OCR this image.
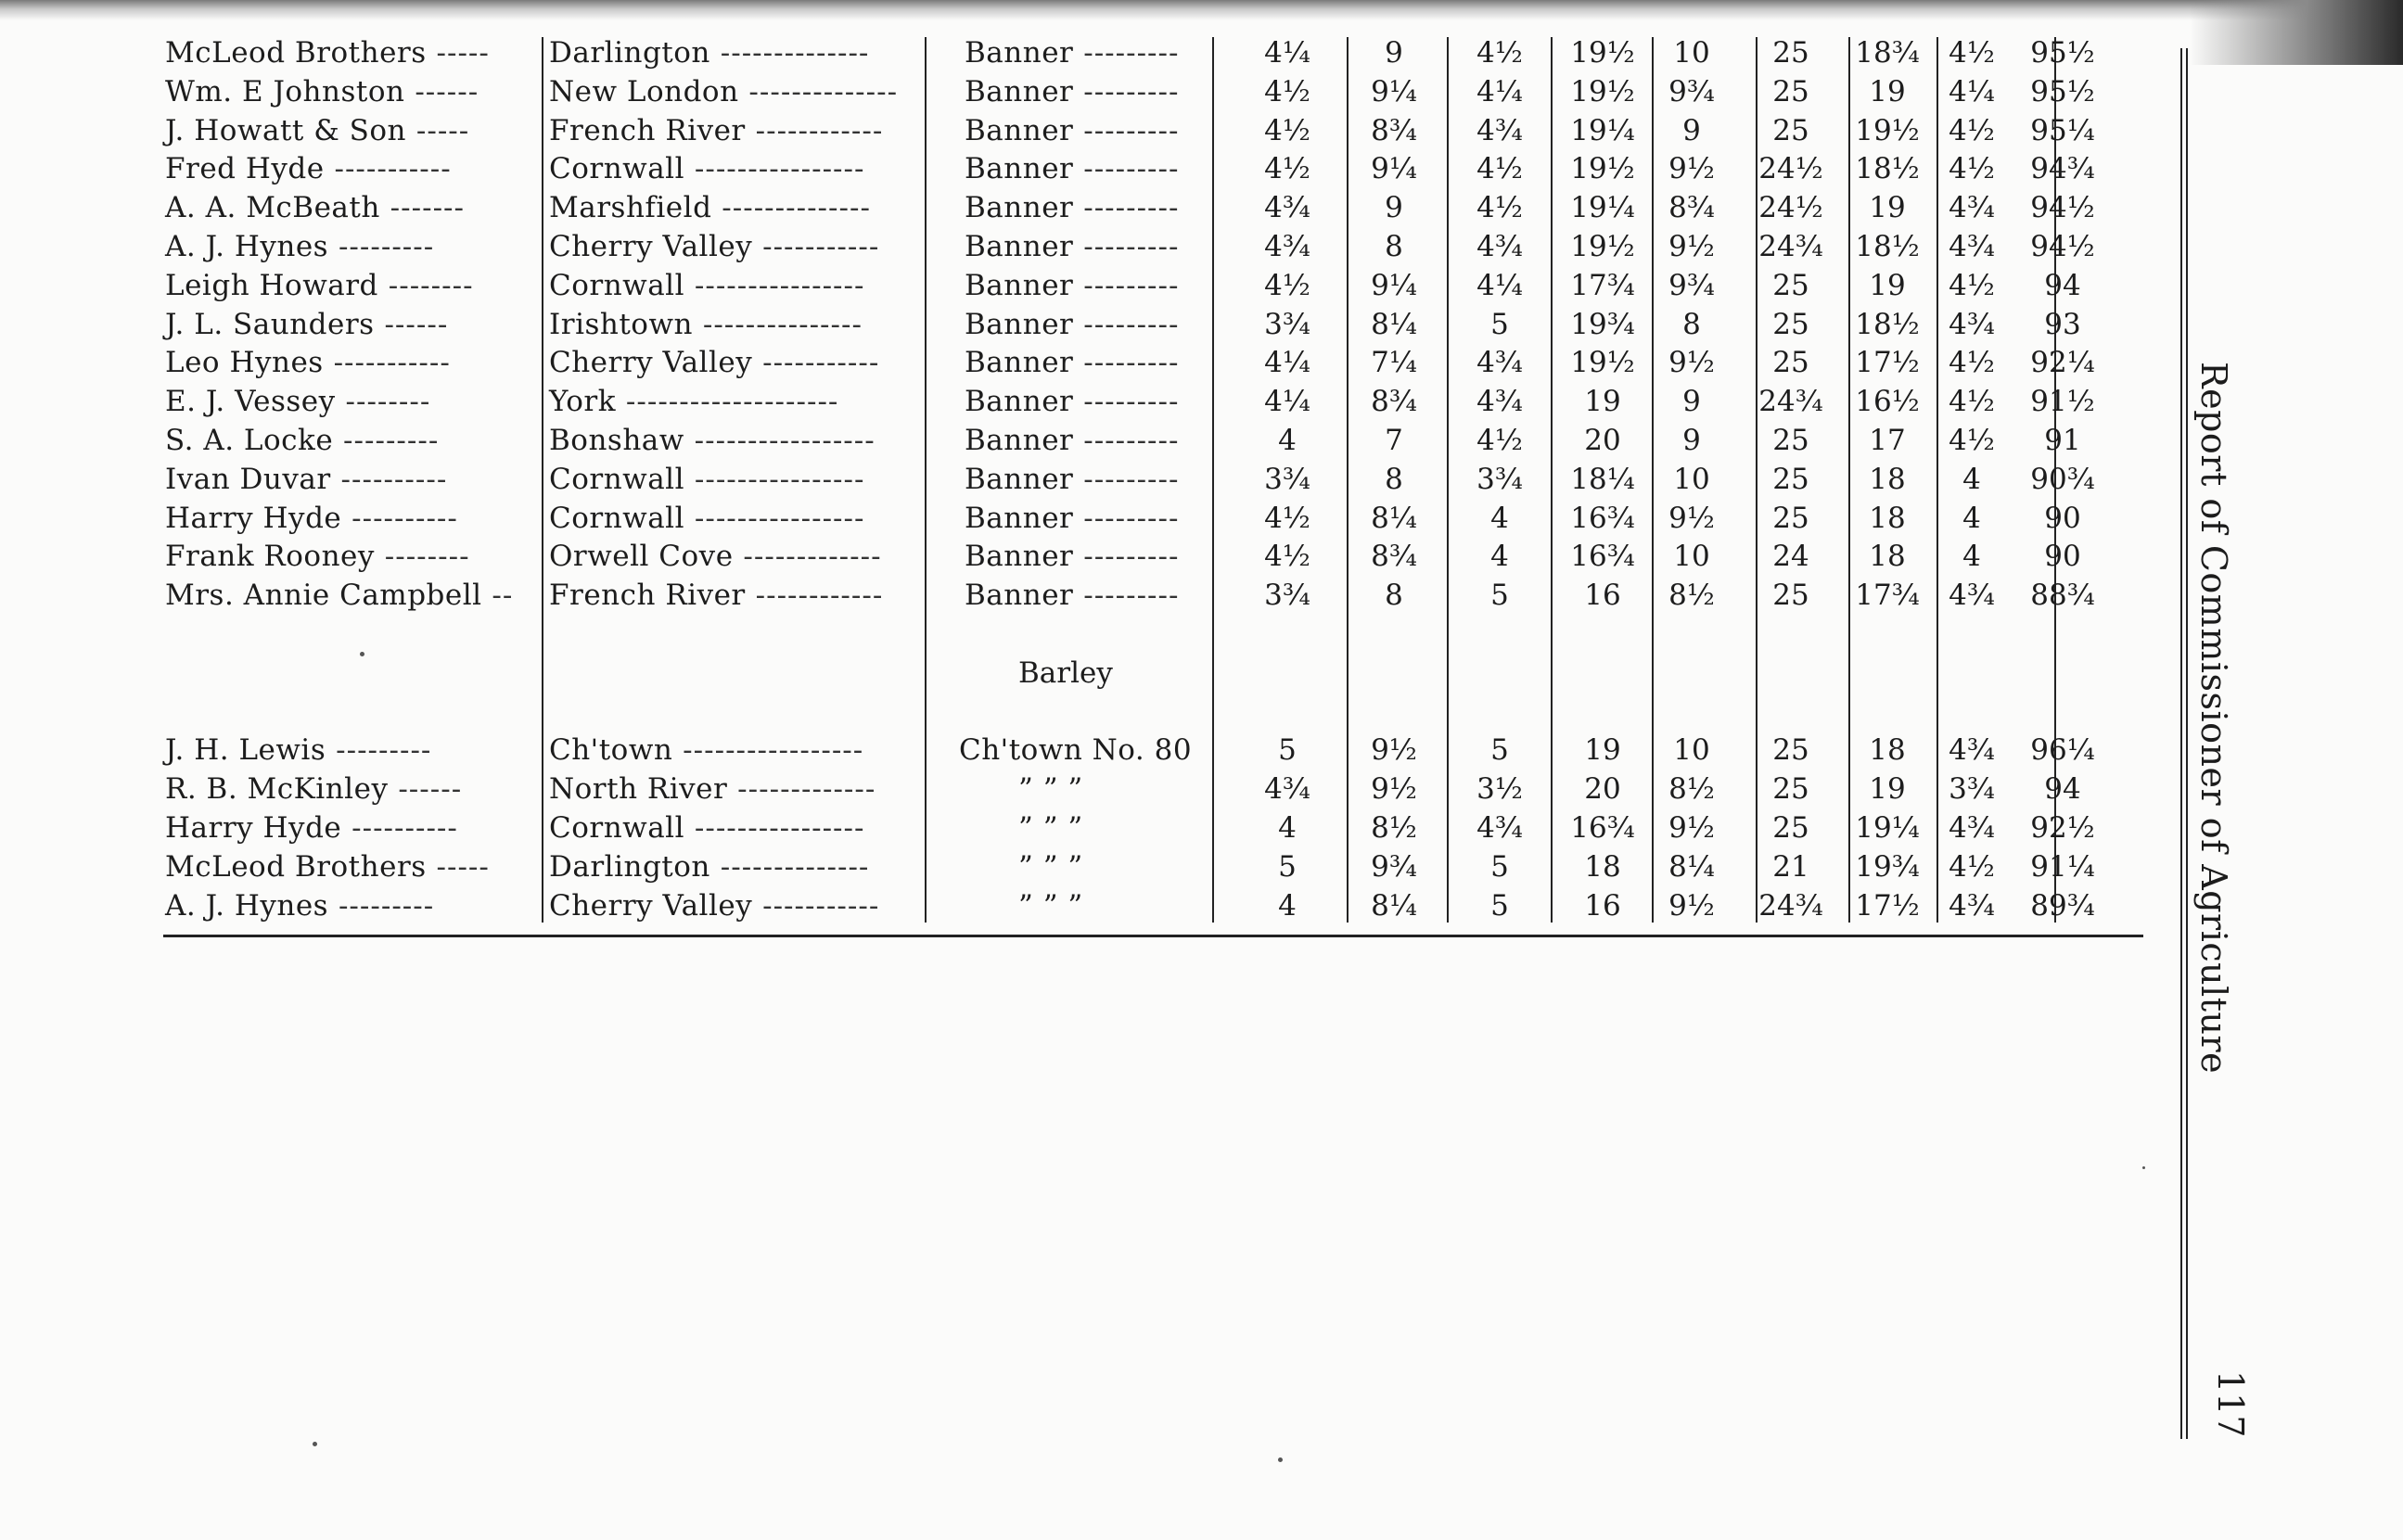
McLeod Brothers ----- Darlington --------------	Banner ---------	4¼	9	4½	19½	10	25	18¾	4½	95½
Wm. E Johnston ------ New London -------------- Banner ---------	4½	9¼	4¼	19½	9¾	25	19	4¼	95½
J. Howatt & Son -----	French River ------------	Banner ---------	4½	8¾	4¾	19¼	9	25	19½	4½	95¼
Fred Hyde -----------	Cornwall ----------------	Banner ---------	4½	9¼	4½	19½	9½	24½	18½	4½	94¾
A. A. McBeath -------	Marshfield --------------	Banner ---------	4¾	9	4½	19¼	8¾	24½	19	4¾	94½
A. J. Hynes ---------	Cherry Valley -----------	Banner ---------	4¾	8	4¾	19½	9½	24¾	18½	4¾	94½
Leigh Howard --------	Cornwall ----------------	Banner ---------	4½	9¼	4¼	17¾	9¾	25	19	4½	94
J. L. Saunders ------	Irishtown ---------------	Banner ---------	3¾	8¼	5	19¾	8	25	18½	4¾	93
Leo Hynes -----------	Cherry Valley -----------	Banner ---------	4¼	7¼	4¾	19½	9½	25	17½	4½	92¼
E. J. Vessey --------	York --------------------	Banner ---------	4¼	8¾	4¾	19	9	24¾	16½	4½	91½
S. A. Locke ---------	Bonshaw -----------------	Banner ---------	4	7	4½	20	9	25	17	4½	91
Ivan Duvar ----------	Cornwall ----------------	Banner ---------	3¾	8	3¾	18¼	10	25	18	4	90¾
Harry Hyde ----------	Cornwall ----------------	Banner ---------	4½	8¼	4	16¾	9½	25	18	4	90
Frank Rooney --------	Orwell Cove -------------	Banner ---------	4½	8¾	4	16¾	10	24	18	4	90
Mrs. Annie Campbell -- French River ------------	Banner ---------	3¾	8	5	16	8½	25	17¾	4¾	88¾
J. H. Lewis ---------	Ch'town -----------------	Ch'town No. 80	5	9½	5	19	10	25	18	4¾	96¼
R. B. McKinley ------	North River -------------	” ” ”	4¾	9½	3½	20	8½	25	19	3¾	94
Harry Hyde ----------	Cornwall ----------------	” ” ”	4	8½	4¾	16¾	9½	25	19¼	4¾	92½
McLeod Brothers ----- Darlington --------------	” ” ”	5	9¾	5	18	8¼	21	19¾	4½	91¼
A. J. Hynes ---------	Cherry Valley -----------	” ” ”	4	8¼	5	16	9½	24¾	17½	4¾	89¾
Barley	Report of Commissioner of Agriculture
117
